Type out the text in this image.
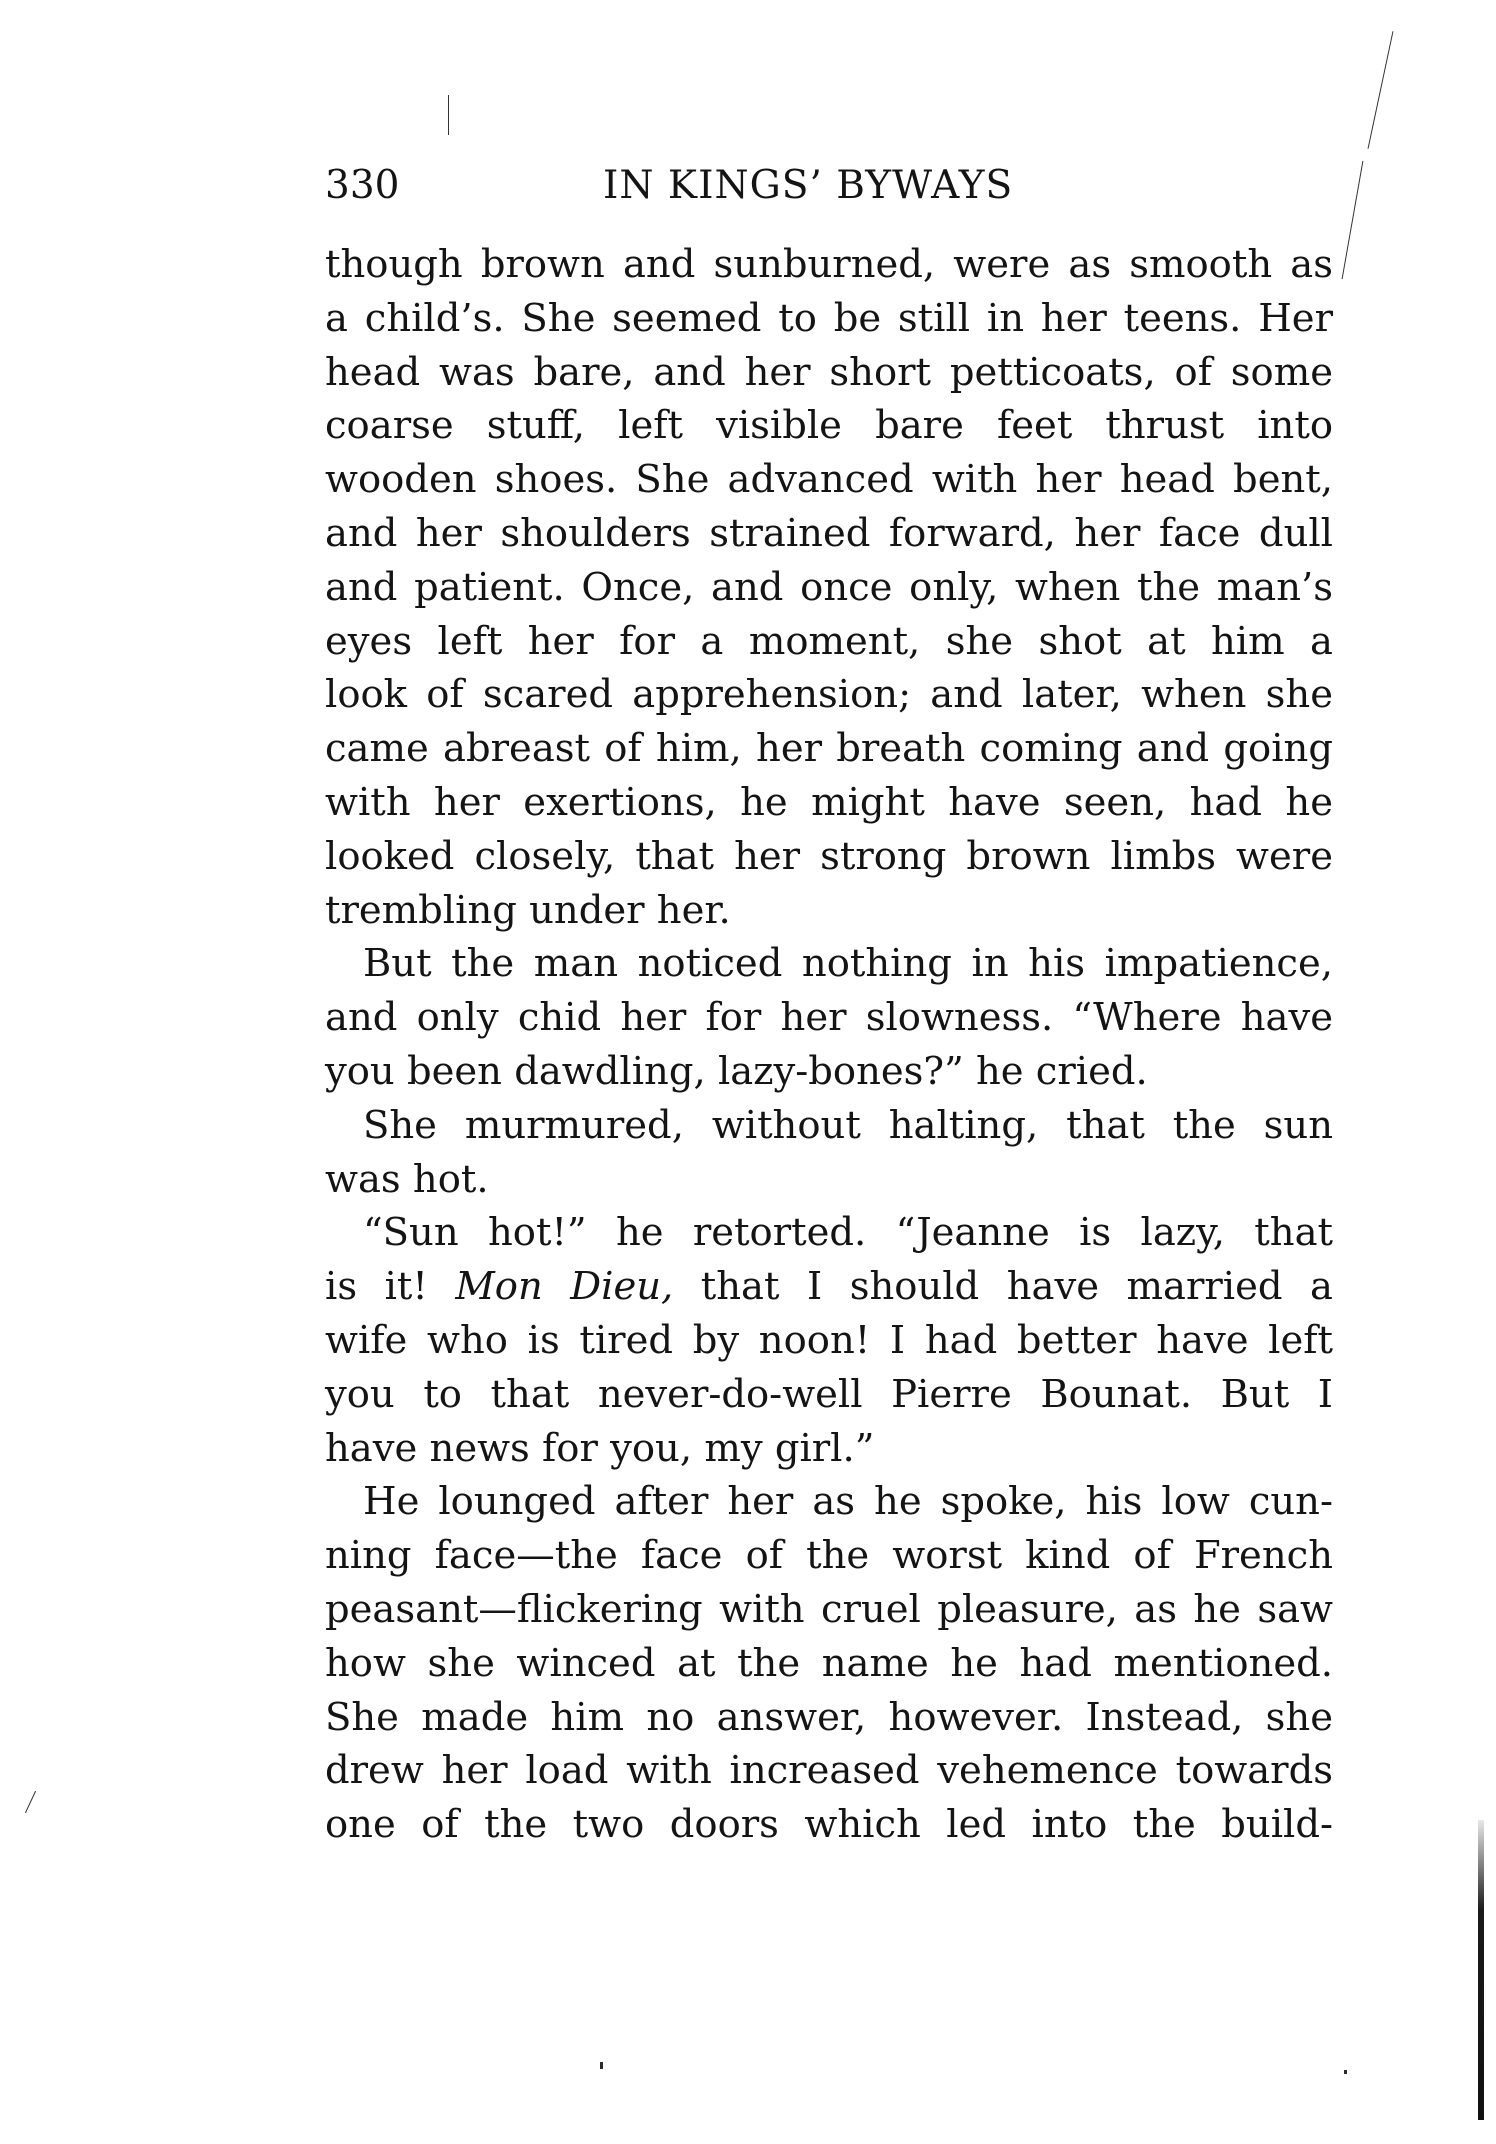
330	IN KINGS’ BYWAYS
though brown and sunburned, were as smooth as
a child’s. She seemed to be still in her teens. Her
head was bare, and her short petticoats, of some
coarse stuff, left visible bare feet thrust into
wooden shoes. She advanced with her head bent,
and her shoulders strained forward, her face dull
and patient. Once, and once only, when the man’s
eyes left her for a moment, she shot at him a
look of scared apprehension; and later, when she
came abreast of him, her breath coming and going
with her exertions, he might have seen, had he
looked closely, that her strong brown limbs were
trembling under her.
But the man noticed nothing in his impatience,
and only chid her for her slowness. “Where have
you been dawdling, lazy-bones?” he cried.
She murmured, without halting, that the sun
was hot.
“Sun hot!” he retorted. “Jeanne is lazy, that
is it! Mon Dieu, that I should have married a
wife who is tired by noon! I had better have left
you to that never-do-well Pierre Bounat. But I
have news for you, my girl.”
He lounged after her as he spoke, his low cun-
ning face—the face of the worst kind of French
peasant—flickering with cruel pleasure, as he saw
how she winced at the name he had mentioned.
She made him no answer, however. Instead, she
drew her load with increased vehemence towards
one of the two doors which led into the build-
